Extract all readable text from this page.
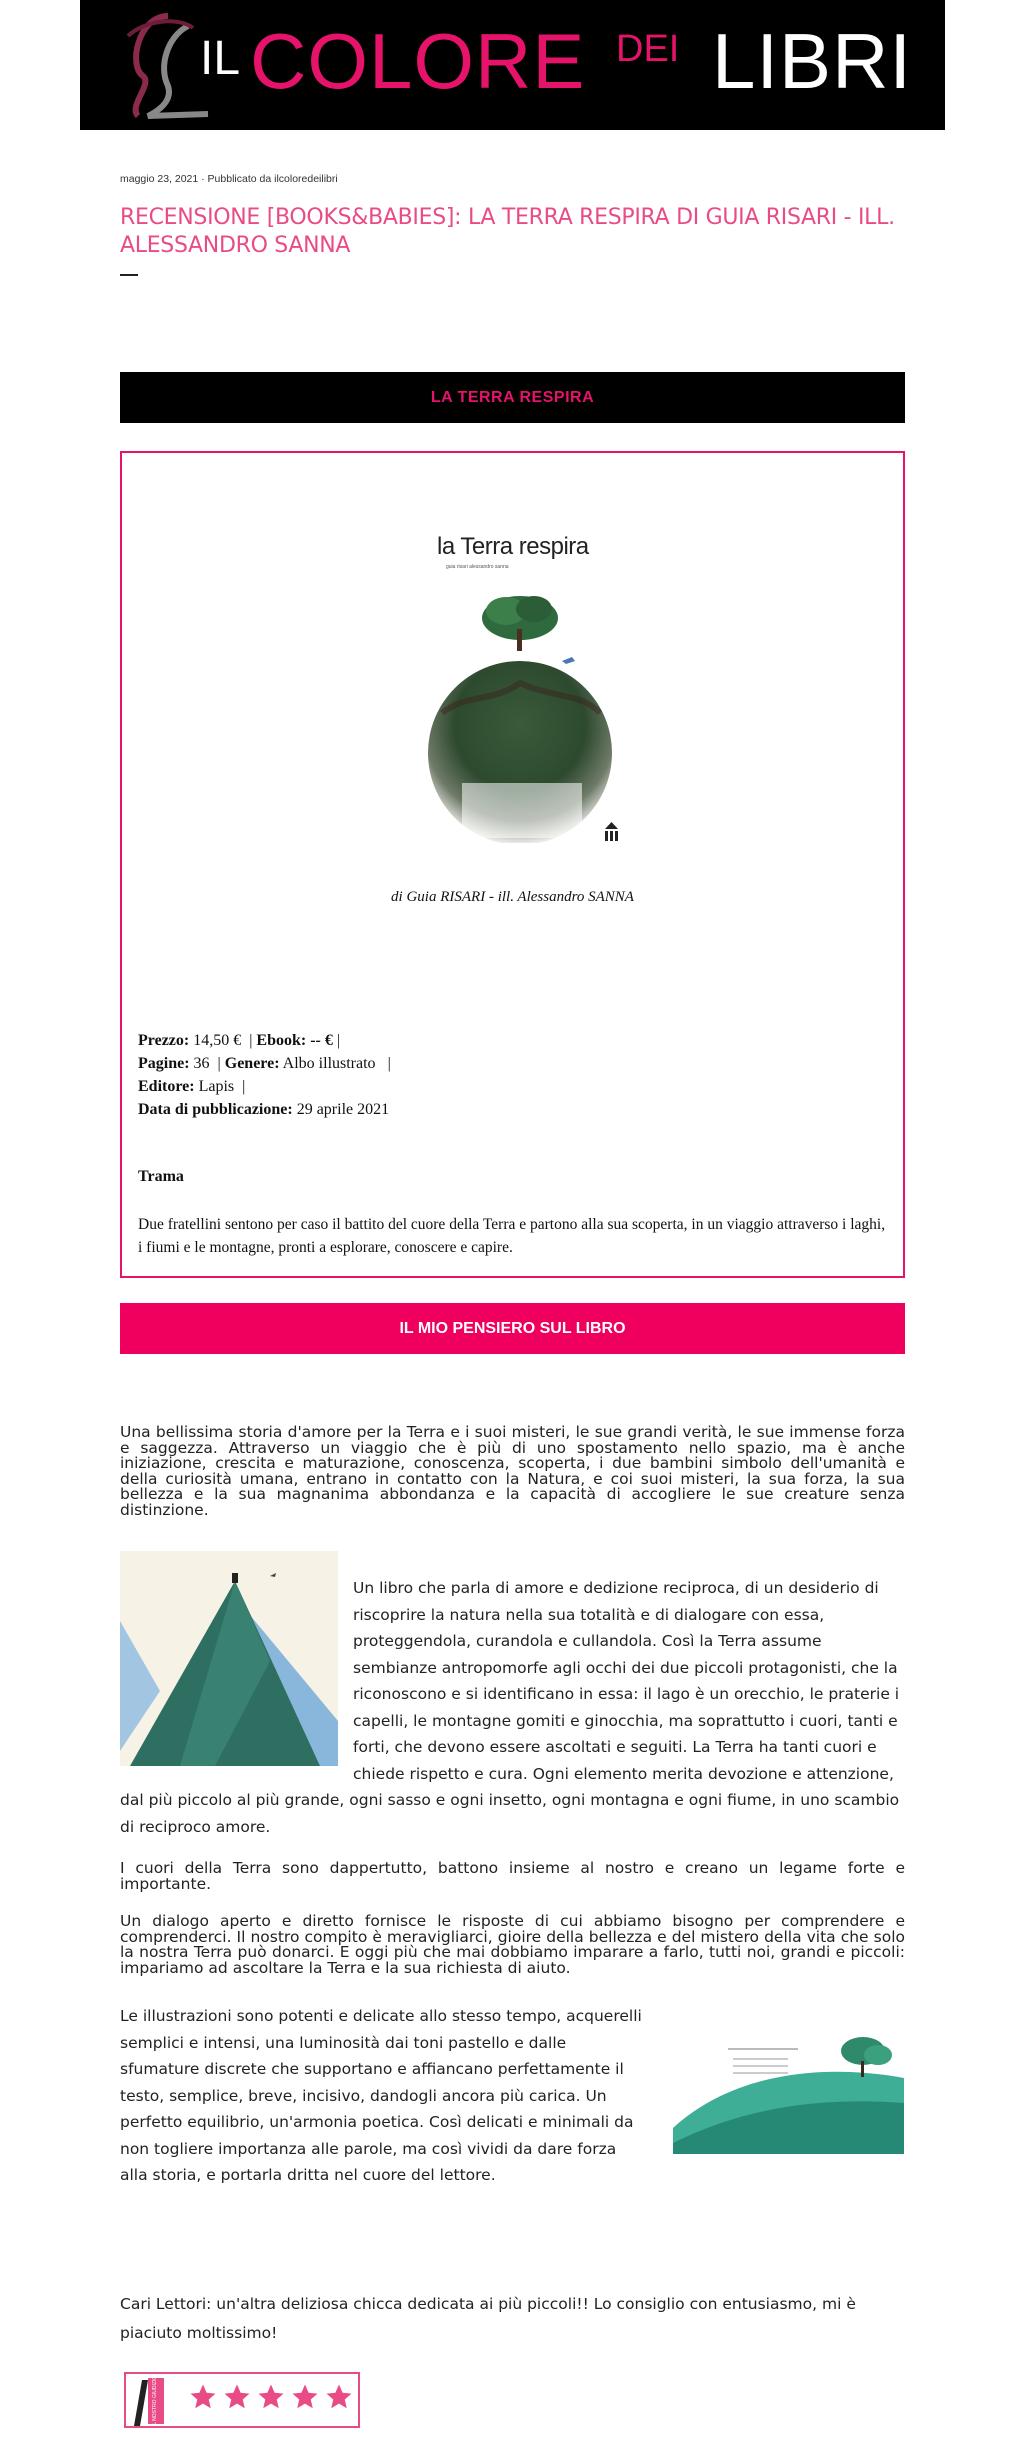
IL COLORE DEI LIBRI
maggio 23, 2021 · Pubblicato da ilcoloredeilibri
RECENSIONE [BOOKS&BABIES]: LA TERRA RESPIRA DI GUIA RISARI - ILL. ALESSANDRO SANNA
LA TERRA RESPIRA
la Terra respira
guia risari alessandro sanna
di Guia RISARI - ill. Alessandro SANNA
Prezzo: 14,50 € | Ebook: -- € |
Pagine: 36 | Genere: Albo illustrato |
Editore: Lapis |
Data di pubblicazione: 29 aprile 2021
Trama
Due fratellini sentono per caso il battito del cuore della Terra e partono alla sua scoperta, in un viaggio attraverso i laghi, i fiumi e le montagne, pronti a esplorare, conoscere e capire.
IL MIO PENSIERO SUL LIBRO

Una bellissima storia d'amore per la Terra e i suoi misteri, le sue grandi verità, le sue immense forza e saggezza. Attraverso un viaggio che è più di uno spostamento nello spazio, ma è anche iniziazione, crescita e maturazione, conoscenza, scoperta, i due bambini simbolo dell'umanità e della curiosità umana, entrano in contatto con la Natura, e coi suoi misteri, la sua forza, la sua bellezza e la sua magnanima abbondanza e la capacità di accogliere le sue creature senza distinzione.

Un libro che parla di amore e dedizione reciproca, di un desiderio di riscoprire la natura nella sua totalità e di dialogare con essa, proteggendola, curandola e cullandola. Così la Terra assume sembianze antropomorfe agli occhi dei due piccoli protagonisti, che la riconoscono e si identificano in essa: il lago è un orecchio, le praterie i capelli, le montagne gomiti e ginocchia, ma soprattutto i cuori, tanti e forti, che devono essere ascoltati e seguiti. La Terra ha tanti cuori e chiede rispetto e cura. Ogni elemento merita devozione e attenzione, dal più piccolo al più grande, ogni sasso e ogni insetto, ogni montagna e ogni fiume, in uno scambio di reciproco amore.

I cuori della Terra sono dappertutto, battono insieme al nostro e creano un legame forte e importante.

Un dialogo aperto e diretto fornisce le risposte di cui abbiamo bisogno per comprendere e comprenderci. Il nostro compito è meravigliarci, gioire della bellezza e del mistero della vita che solo la nostra Terra può donarci. E oggi più che mai dobbiamo imparare a farlo, tutti noi, grandi e piccoli: impariamo ad ascoltare la Terra e la sua richiesta di aiuto.

Le illustrazioni sono potenti e delicate allo stesso tempo, acquerelli semplici e intensi, una luminosità dai toni pastello e dalle sfumature discrete che supportano e affiancano perfettamente il testo, semplice, breve, incisivo, dandogli ancora più carica. Un perfetto equilibrio, un'armonia poetica. Così delicati e minimali da non togliere importanza alle parole, ma così vividi da dare forza alla storia, e portarla dritta nel cuore del lettore.
Cari Lettori: un'altra deliziosa chicca dedicata ai più piccoli!! Lo consiglio con entusiasmo, mi è piaciuto moltissimo!
IL NOSTRO GIUDIZIO
